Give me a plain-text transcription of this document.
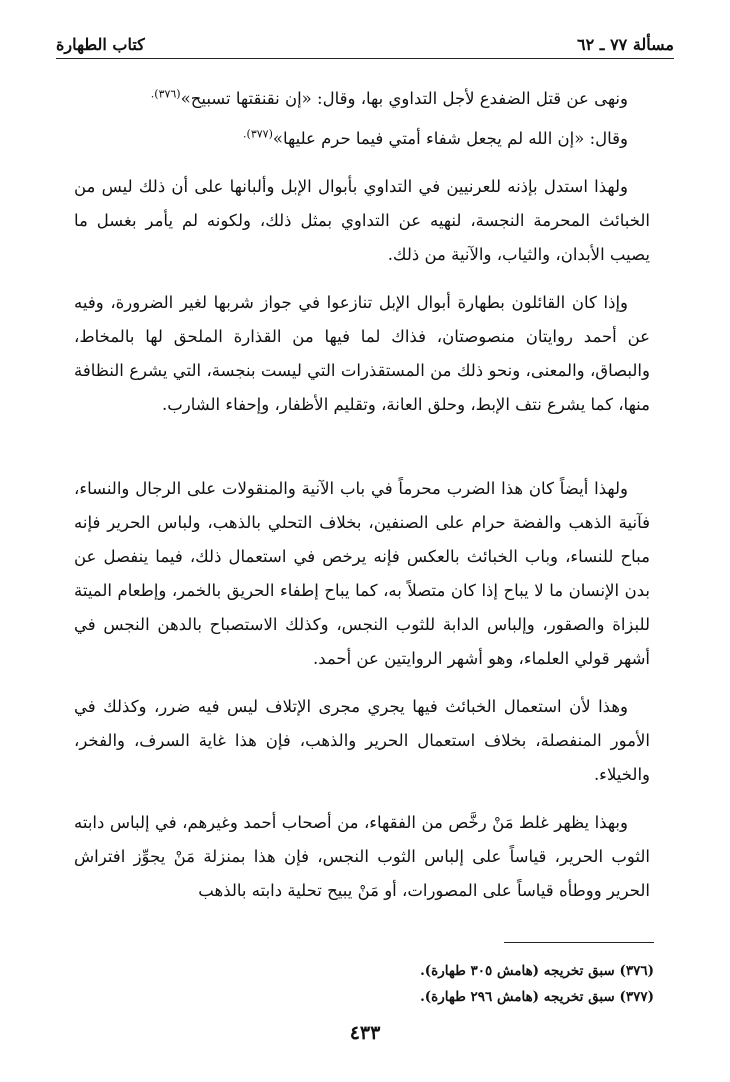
مسألة ٧٧ ـ ٦٢
كتاب الطهارة

ونهى عن قتل الضفدع لأجل التداوي بها، وقال: «إن نقنقتها تسبيح»$^{(٣٧٦).}$

وقال: «إن الله لم يجعل شفاء أمتي فيما حرم عليها»$^{(٣٧٧).}$

ولهذا استدل بإذنه للعرنيين في التداوي بأبوال الإبل وألبانها على أن ذلك ليس من الخبائث المحرمة النجسة، لنهيه عن التداوي بمثل ذلك، ولكونه لم يأمر بغسل ما يصيب الأبدان، والثياب، والآنية من ذلك.

وإذا كان القائلون بطهارة أبوال الإبل تنازعوا في جواز شربها لغير الضرورة، وفيه عن أحمد روايتان منصوصتان، فذاك لما فيها من القذارة الملحق لها بالمخاط، والبصاق، والمعنى، ونحو ذلك من المستقذرات التي ليست بنجسة، التي يشرع النظافة منها، كما يشرع نتف الإبط، وحلق العانة، وتقليم الأظفار، وإحفاء الشارب.

ولهذا أيضاً كان هذا الضرب محرماً في باب الآنية والمنقولات على الرجال والنساء، فآنية الذهب والفضة حرام على الصنفين، بخلاف التحلي بالذهب، ولباس الحرير فإنه مباح للنساء، وباب الخبائث بالعكس فإنه يرخص في استعمال ذلك، فيما ينفصل عن بدن الإنسان ما لا يباح إذا كان متصلاً به، كما يباح إطفاء الحريق بالخمر، وإطعام الميتة للبزاة والصقور، وإلباس الدابة للثوب النجس، وكذلك الاستصباح بالدهن النجس في أشهر قولي العلماء، وهو أشهر الروايتين عن أحمد.

وهذا لأن استعمال الخبائث فيها يجري مجرى الإتلاف ليس فيه ضرر، وكذلك في الأمور المنفصلة، بخلاف استعمال الحرير والذهب، فإن هذا غاية السرف، والفخر، والخيلاء.

وبهذا يظهر غلط مَنْ رخَّص من الفقهاء، من أصحاب أحمد وغيرهم، في إلباس دابته الثوب الحرير، قياساً على إلباس الثوب النجس، فإن هذا بمنزلة مَنْ يجوِّز افتراش الحرير ووطأه قياساً على المصورات، أو مَنْ يبيح تحلية دابته بالذهب

(٣٧٦) سبق تخريجه (هامش ٣٠٥ طهارة).
(٣٧٧) سبق تخريجه (هامش ٢٩٦ طهارة).
٤٣٣
